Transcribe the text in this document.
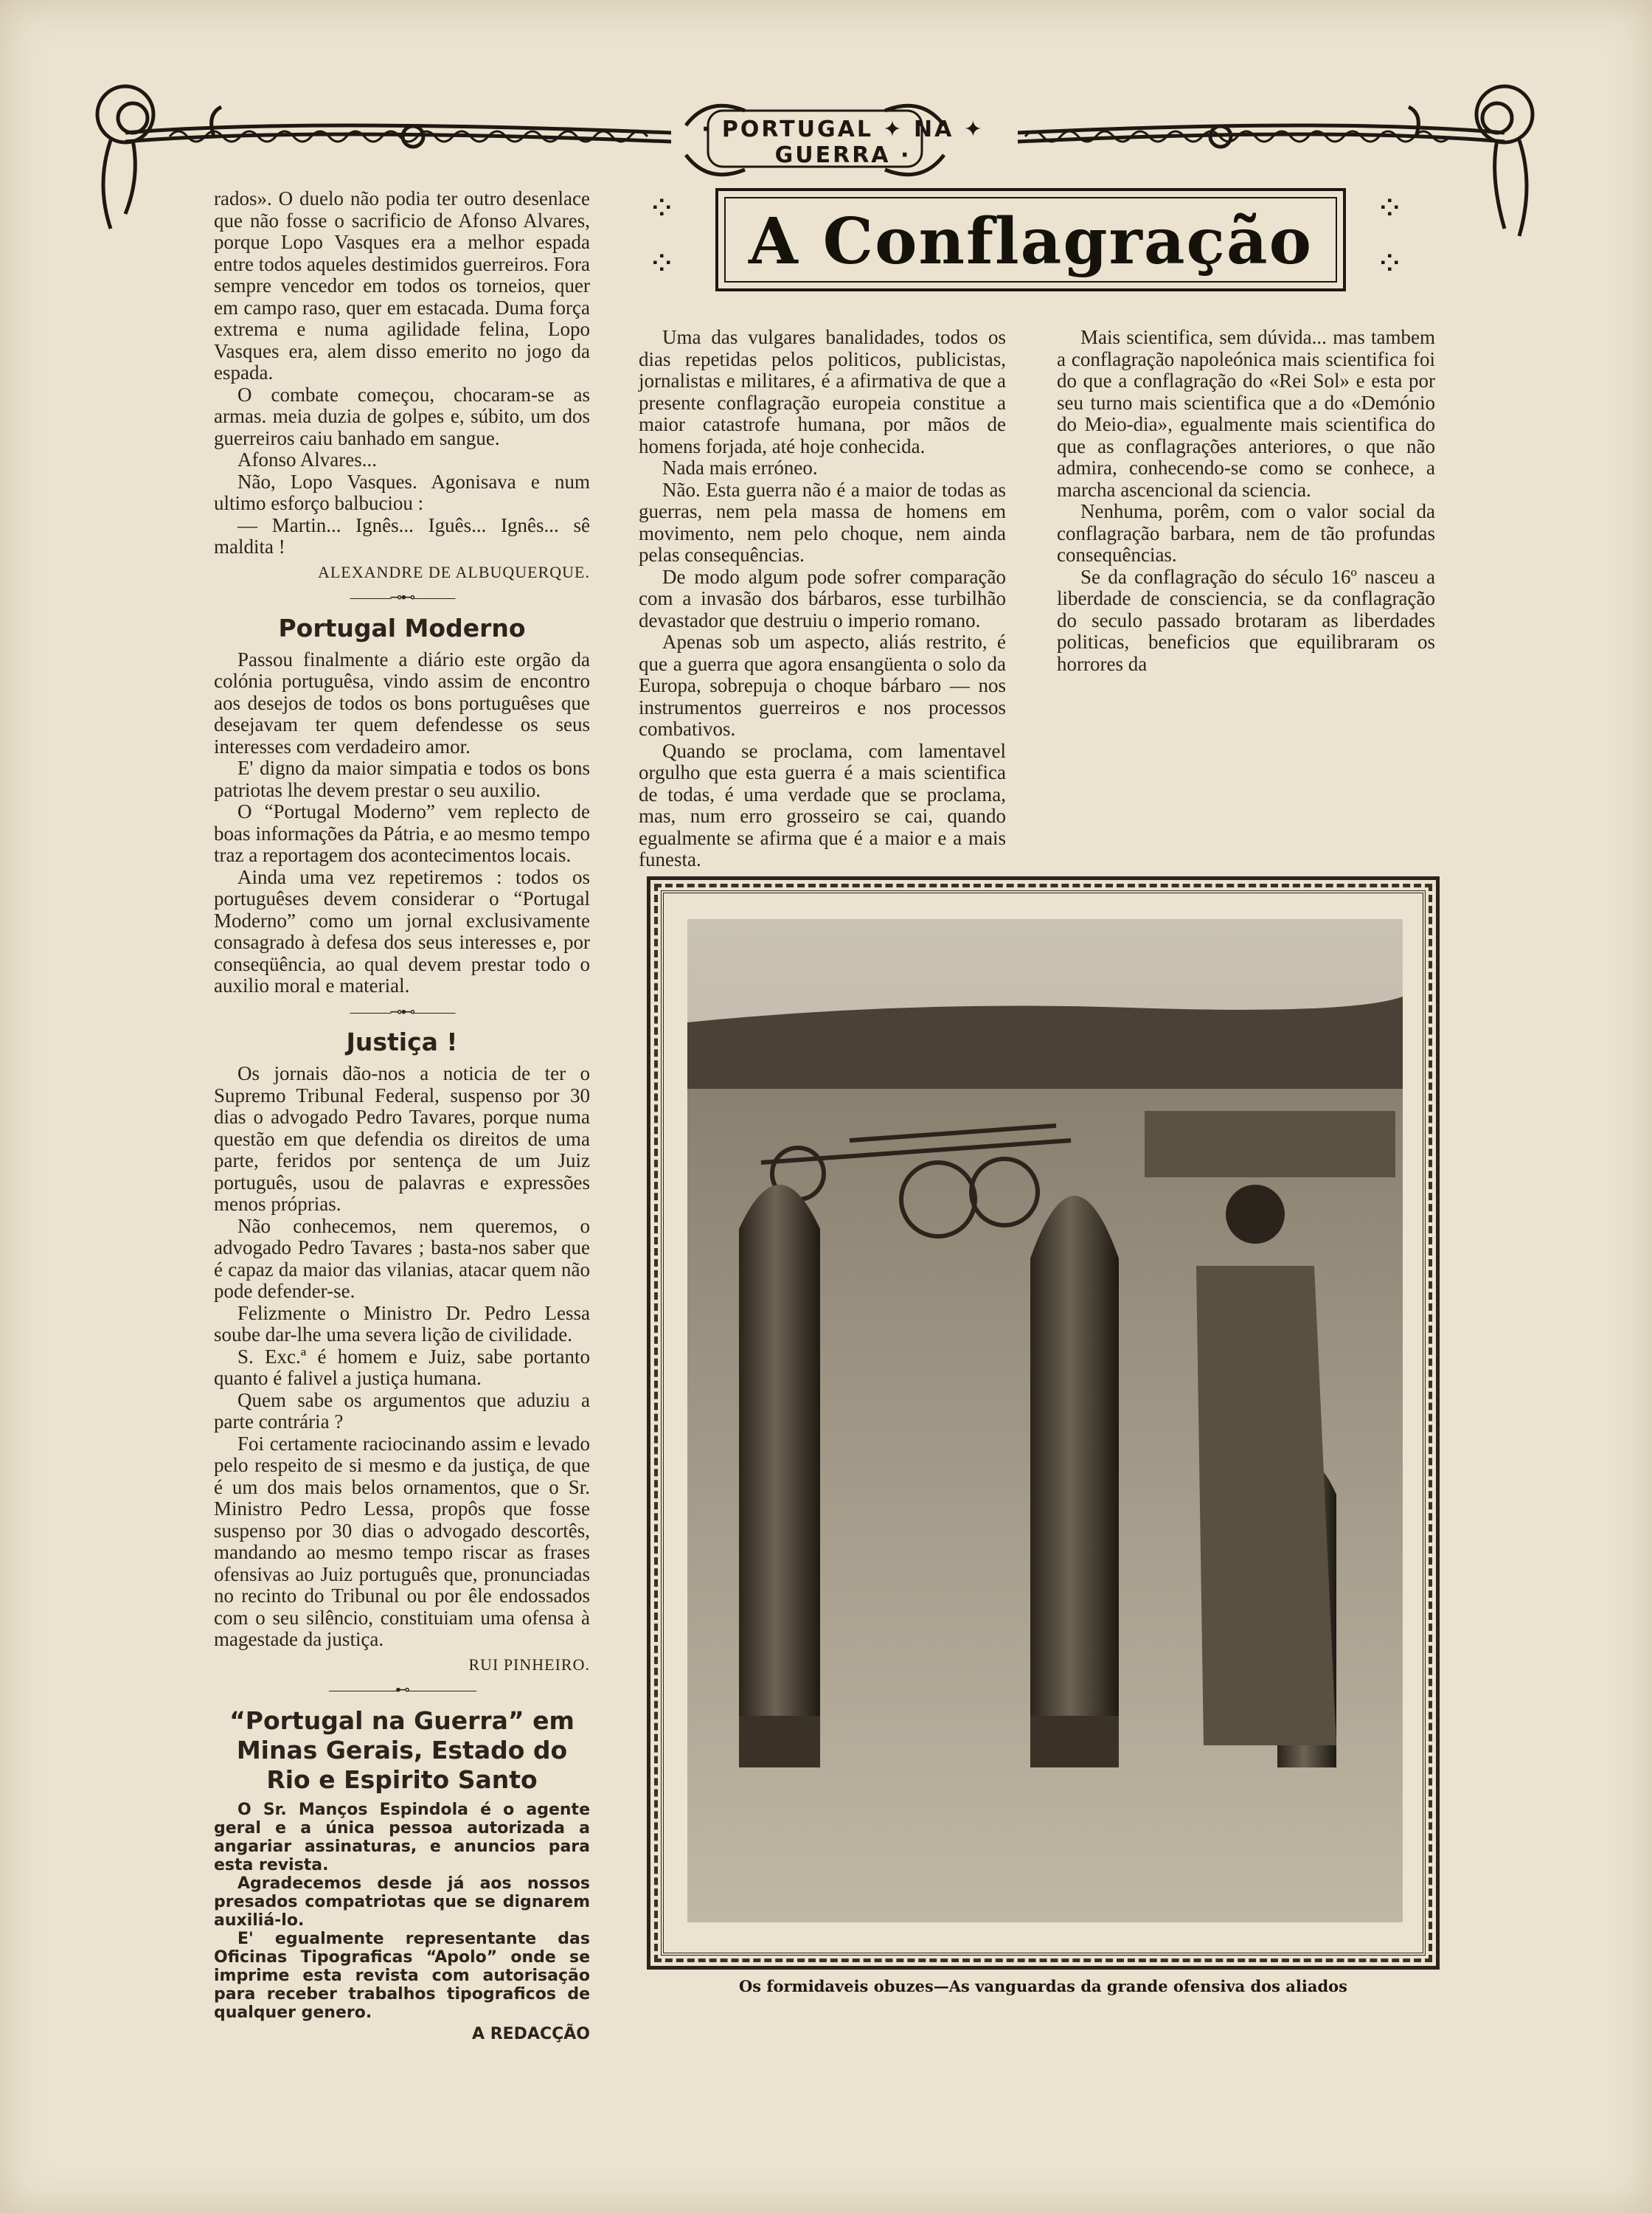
· PORTUGAL ✦ NA ✦ GUERRA ·
⁘
⁘
⁘
⁘
A Conflagração

rados». O duelo não podia ter outro desenlace que não fosse o sacrificio de Afonso Alvares, porque Lopo Vasques era a melhor espada entre todos aqueles destimidos guerreiros. Fora sempre vencedor em todos os torneios, quer em campo raso, quer em estacada. Duma força extrema e numa agilidade felina, Lopo Vasques era, alem disso emerito no jogo da espada.

O combate começou, chocaram-se as armas. meia duzia de golpes e, súbito, um dos guerreiros caiu banhado em sangue.

Afonso Alvares...

Não, Lopo Vasques. Agonisava e num ultimo esforço balbuciou :

— Martin... Ignês... Iguês... Ignês... sê maldita !

ALEXANDRE DE ALBUQUERQUE.
———⊸⊷———
Portugal Moderno

Passou finalmente a diário este orgão da colónia portuguêsa, vindo assim de encontro aos desejos de todos os bons portuguêses que desejavam ter quem defendesse os seus interesses com verdadeiro amor.

E' digno da maior simpatia e todos os bons patriotas lhe devem prestar o seu auxilio.

O “Portugal Moderno” vem replecto de boas informações da Pátria, e ao mesmo tempo traz a reportagem dos acontecimentos locais.

Ainda uma vez repetiremos : todos os portuguêses devem considerar o “Portugal Moderno” como um jornal exclusivamente consagrado à defesa dos seus interesses e, por conseqüência, ao qual devem prestar todo o auxilio moral e material.

———⊸⊷———
Justiça !

Os jornais dão-nos a noticia de ter o Supremo Tribunal Federal, suspenso por 30 dias o advogado Pedro Tavares, porque numa questão em que defendia os direitos de uma parte, feridos por sentença de um Juiz português, usou de palavras e expressões menos próprias.

Não conhecemos, nem queremos, o advogado Pedro Tavares ; basta-nos saber que é capaz da maior das vilanias, atacar quem não pode defender-se.

Felizmente o Ministro Dr. Pedro Lessa soube dar-lhe uma severa lição de civilidade.

S. Exc.ª é homem e Juiz, sabe portanto quanto é falivel a justiça humana.

Quem sabe os argumentos que aduziu a parte contrária ?

Foi certamente raciocinando assim e levado pelo respeito de si mesmo e da justiça, de que é um dos mais belos ornamentos, que o Sr. Ministro Pedro Lessa, propôs que fosse suspenso por 30 dias o advogado descortês, mandando ao mesmo tempo riscar as frases ofensivas ao Juiz português que, pronunciadas no recinto do Tribunal ou por êle endossados com o seu silêncio, constituiam uma ofensa à magestade da justiça.

RUI PINHEIRO.
—————⊷—————
“Portugal na Guerra” em Minas Gerais, Estado do Rio e Espirito Santo

O Sr. Manços Espindola é o agente geral e a única pessoa autorizada a angariar assinaturas, e anuncios para esta revista.

Agradecemos desde já aos nossos presados compatriotas que se dignarem auxiliá-lo.

E' egualmente representante das Oficinas Tipograficas “Apolo” onde se imprime esta revista com autorisação para receber trabalhos tipograficos de qualquer genero.

A REDACÇÃO

Uma das vulgares banalidades, todos os dias repetidas pelos politicos, publicistas, jornalistas e militares, é a afirmativa de que a presente conflagração europeia constitue a maior catastrofe humana, por mãos de homens forjada, até hoje conhecida.

Nada mais erróneo.

Não. Esta guerra não é a maior de todas as guerras, nem pela massa de homens em movimento, nem pelo choque, nem ainda pelas consequências.

De modo algum pode sofrer comparação com a invasão dos bárbaros, esse turbilhão devastador que destruiu o imperio romano.

Apenas sob um aspecto, aliás restrito, é que a guerra que agora ensangüenta o solo da Europa, sobrepuja o choque bárbaro — nos instrumentos guerreiros e nos processos combativos.

Quando se proclama, com lamentavel orgulho que esta guerra é a mais scientifica de todas, é uma verdade que se proclama, mas, num erro grosseiro se cai, quando egualmente se afirma que é a maior e a mais funesta.

Mais scientifica, sem dúvida... mas tambem a conflagração napoleónica mais scientifica foi do que a conflagração do «Rei Sol» e esta por seu turno mais scientifica que a do «Demónio do Meio-dia», egualmente mais scientifica do que as conflagrações anteriores, o que não admira, conhecendo-se como se conhece, a marcha ascencional da sciencia.

Nenhuma, porêm, com o valor social da conflagração barbara, nem de tão profundas consequências.

Se da conflagração do século 16º nasceu a liberdade de consciencia, se da conflagração do seculo passado brotaram as liberdades politicas, beneficios que equilibraram os horrores da

Os formidaveis obuzes—As vanguardas da grande ofensiva dos aliados
